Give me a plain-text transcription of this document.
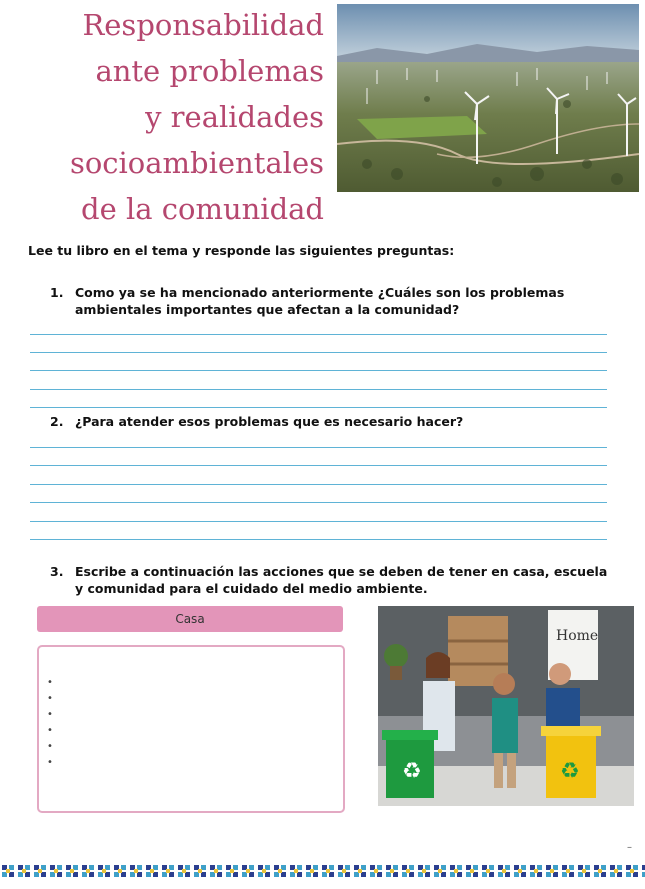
Responsabilidad
ante problemas
y realidades
socioambientales
de la comunidad

Lee tu libro en el tema y responde las siguientes preguntas:

1. Como ya se ha mencionado anteriormente ¿Cuáles son los problemas ambientales importantes que afectan a la comunidad?
2. ¿Para atender esos problemas que es necesario hacer?
3. Escribe a continuación las acciones que se deben de tener en casa, escuela y comunidad para el cuidado del medio ambiente.
Casa
•
•
•
•
•
•
Home
♻	♻
–
